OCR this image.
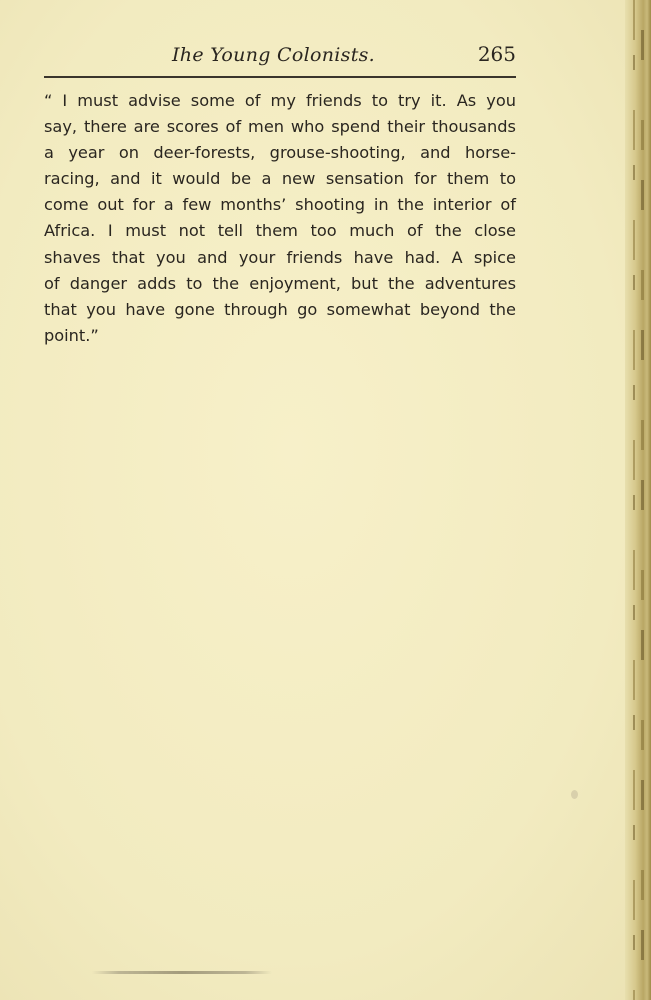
Ihe Young Colonists.	265

“ I must advise some of my friends to try it. As you
say, there are scores of men who spend their thousands
a year on deer-forests, grouse-shooting, and horse-
racing, and it would be a new sensation for them to
come out for a few months’ shooting in the interior of
Africa. I must not tell them too much of the close
shaves that you and your friends have had. A spice
of danger adds to the enjoyment, but the adventures
that you have gone through go somewhat beyond the
point.”
